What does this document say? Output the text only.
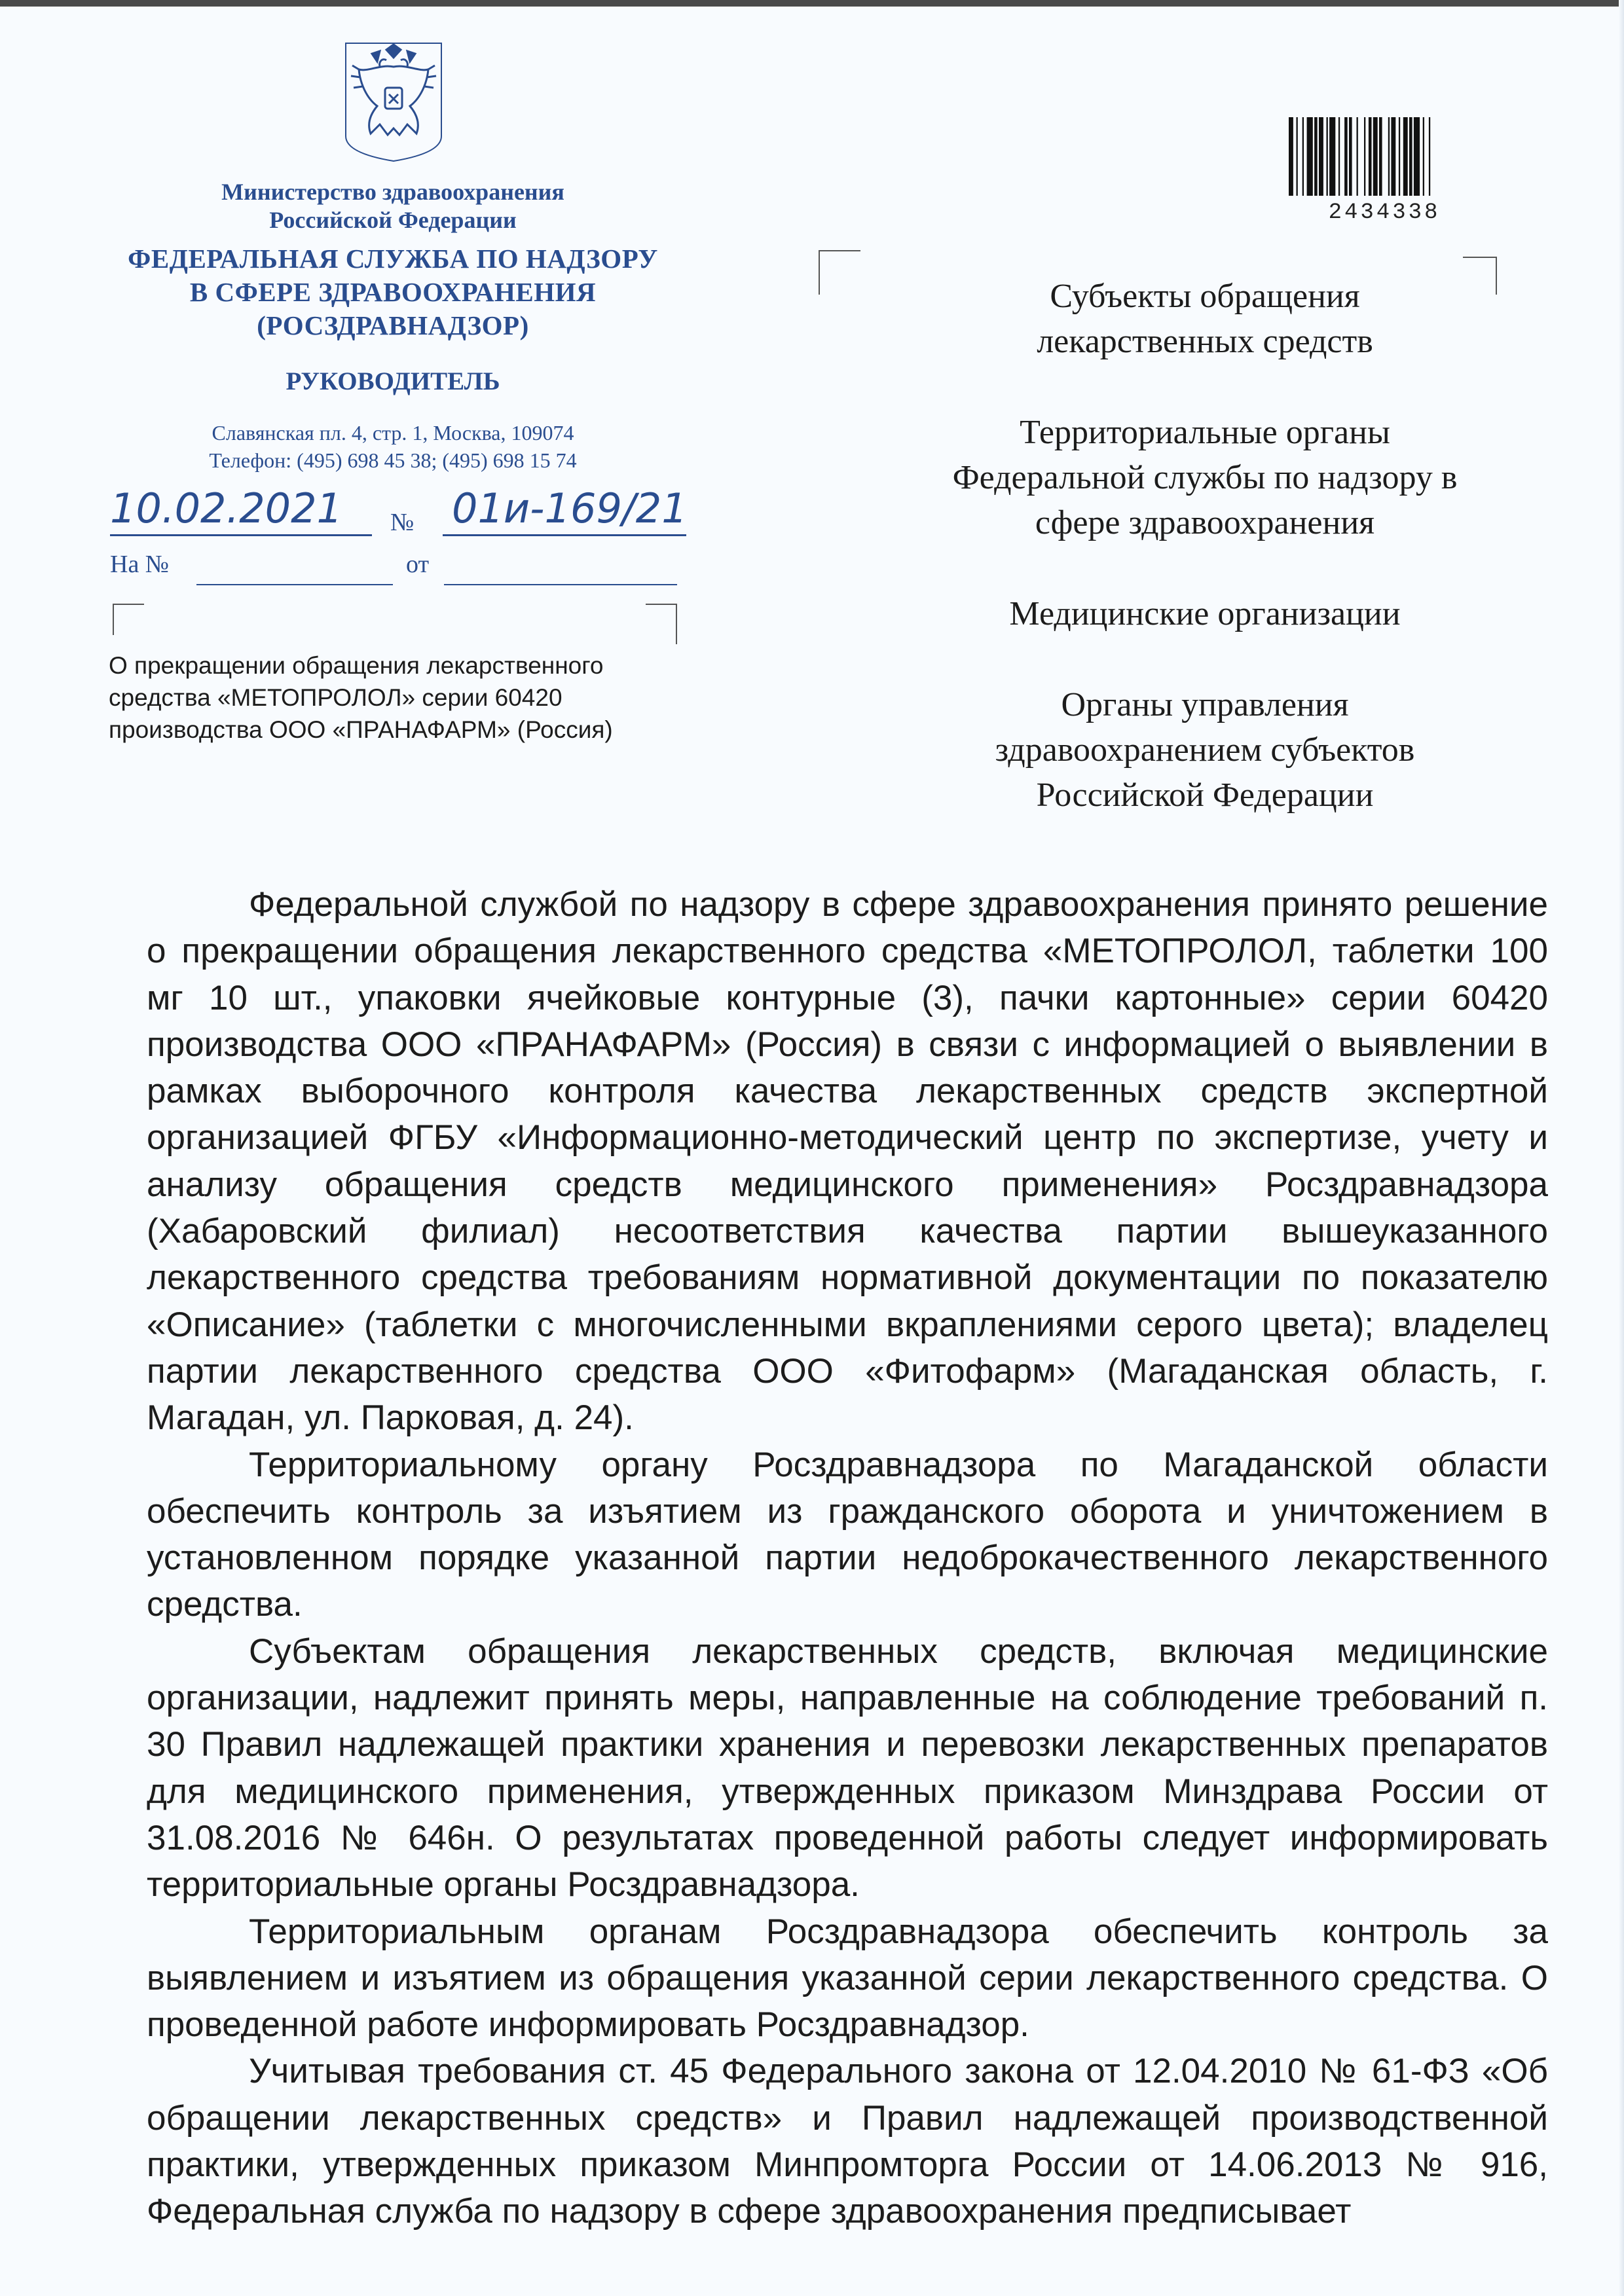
Министерство здравоохранения
Российской Федерации
ФЕДЕРАЛЬНАЯ СЛУЖБА ПО НАДЗОРУ
В СФЕРЕ ЗДРАВООХРАНЕНИЯ
(РОСЗДРАВНАДЗОР)
РУКОВОДИТЕЛЬ
Славянская пл. 4, стр. 1, Москва, 109074
Телефон: (495) 698 45 38; (495) 698 15 74
10.02.2021	№ 01и-169/21
На №	от
О прекращении обращения лекарственного
средства «МЕТОПРОЛОЛ» серии 60420
производства ООО «ПРАНАФАРМ» (Россия)
2434338
Субъекты обращения
лекарственных средств
Территориальные органы
Федеральной службы по надзору в
сфере здравоохранения
Медицинские организации
Органы управления
здравоохранением субъектов
Российской Федерации

Федеральной службой по надзору в сфере здравоохранения принято решение о прекращении обращения лекарственного средства «МЕТОПРОЛОЛ, таблетки 100 мг 10 шт., упаковки ячейковые контурные (3), пачки картонные» серии 60420 производства ООО «ПРАНАФАРМ» (Россия) в связи с информацией о выявлении в рамках выборочного контроля качества лекарственных средств экспертной организацией ФГБУ «Информационно-методический центр по экспертизе, учету и анализу обращения средств медицинского применения» Росздравнадзора (Хабаровский филиал) несоответствия качества партии вышеуказанного лекарственного средства требованиям нормативной документации по показателю «Описание» (таблетки с многочисленными вкраплениями серого цвета); владелец партии лекарственного средства ООО «Фитофарм» (Магаданская область, г. Магадан, ул. Парковая, д. 24).

Территориальному органу Росздравнадзора по Магаданской области обеспечить контроль за изъятием из гражданского оборота и уничтожением в установленном порядке указанной партии недоброкачественного лекарственного средства.

Субъектам обращения лекарственных средств, включая медицинские организации, надлежит принять меры, направленные на соблюдение требований п. 30 Правил надлежащей практики хранения и перевозки лекарственных препаратов для медицинского применения, утвержденных приказом Минздрава России от 31.08.2016 № 646н. О результатах проведенной работы следует информировать территориальные органы Росздравнадзора.

Территориальным органам Росздравнадзора обеспечить контроль за выявлением и изъятием из обращения указанной серии лекарственного средства. О проведенной работе информировать Росздравнадзор.

Учитывая требования ст. 45 Федерального закона от 12.04.2010 № 61-ФЗ «Об обращении лекарственных средств» и Правил надлежащей производственной практики, утвержденных приказом Минпромторга России от 14.06.2013 № 916, Федеральная служба по надзору в сфере здравоохранения предписывает
